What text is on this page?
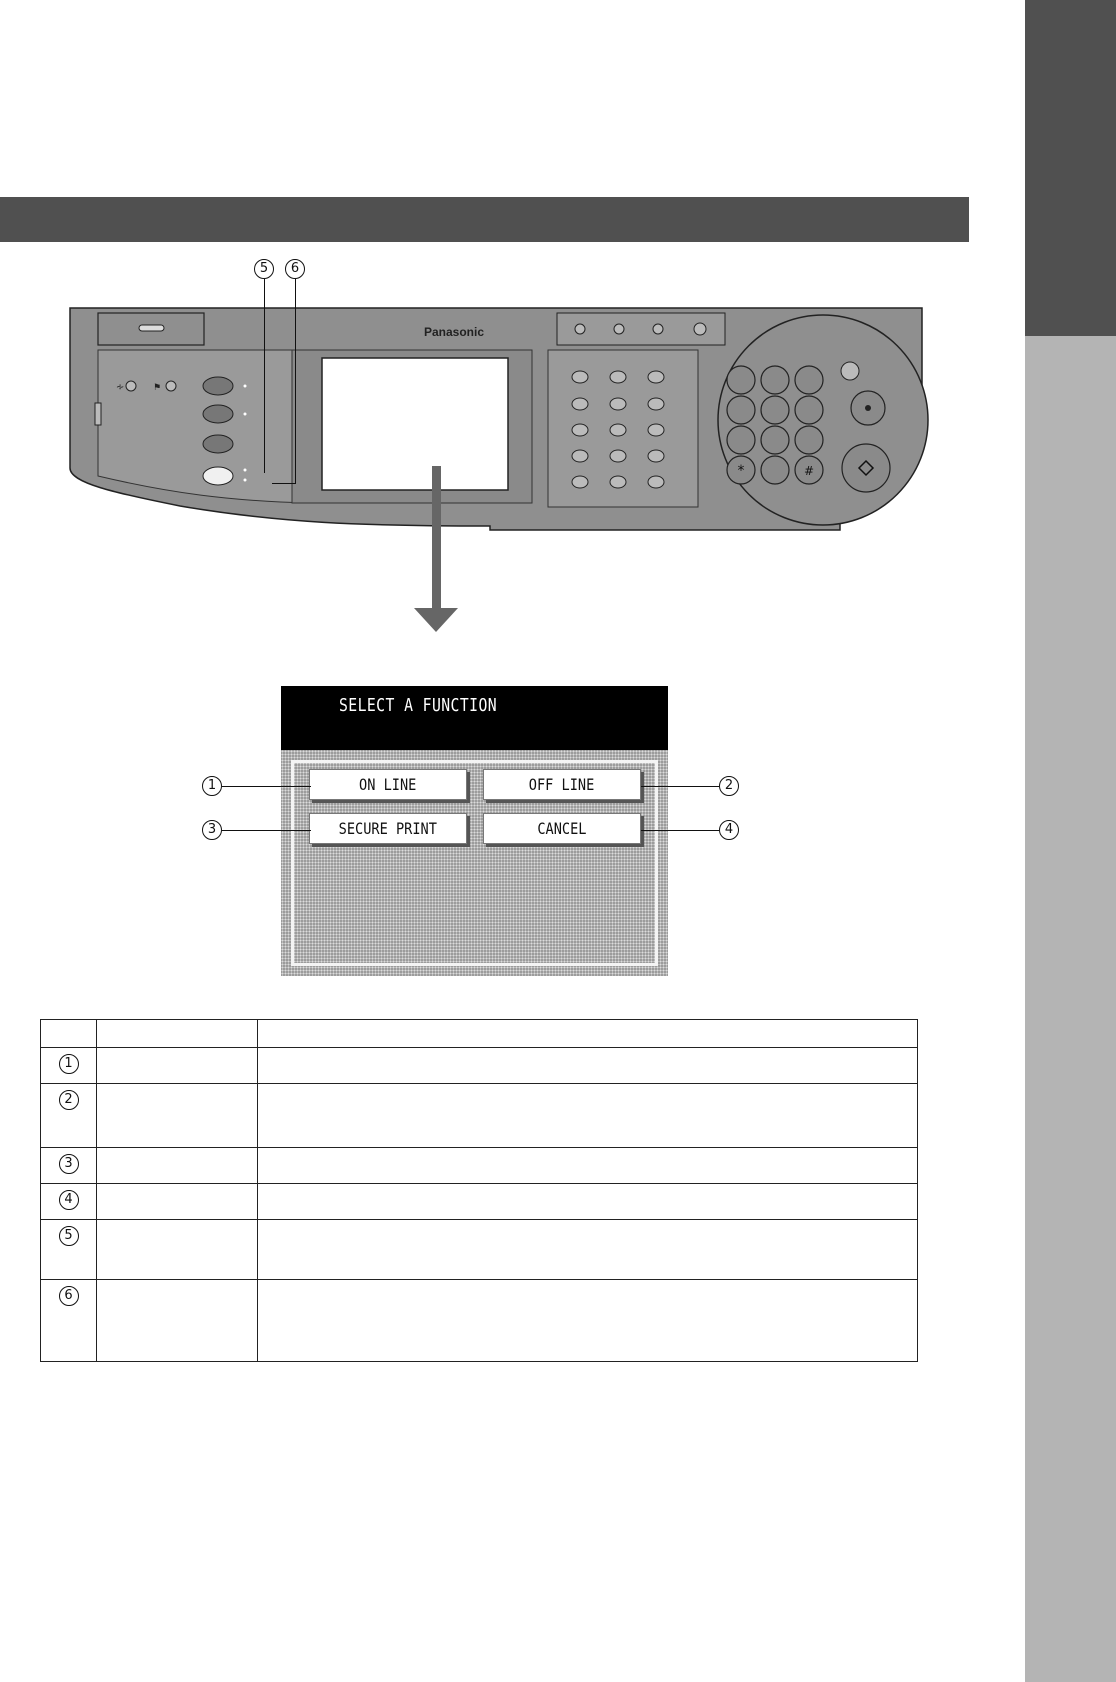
5	6
∻	⚑
Panasonic
*	#
SELECT A FUNCTION
ON LINE	OFF LINE
SECURE PRINT	CANCEL
1	2
3	4

1		
2		
3		
4		
5		
6		
